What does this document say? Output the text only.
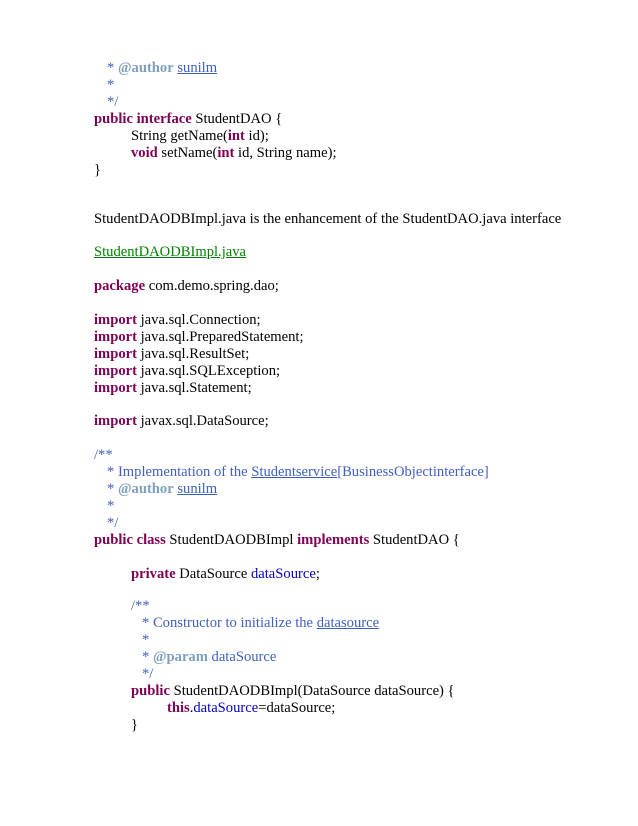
* @author sunilm
*
*/
public interface StudentDAO {
String getName(int id);
void setName(int id, String name);
}
StudentDAODBImpl.java is the enhancement of the StudentDAO.java interface
StudentDAODBImpl.java
package com.demo.spring.dao;
import java.sql.Connection;
import java.sql.PreparedStatement;
import java.sql.ResultSet;
import java.sql.SQLException;
import java.sql.Statement;
import javax.sql.DataSource;
/**
* Implementation of the Studentservice[BusinessObjectinterface]
* @author sunilm
*
*/
public class StudentDAODBImpl implements StudentDAO {
private DataSource dataSource;
/**
* Constructor to initialize the datasource
*
* @param dataSource
*/
public StudentDAODBImpl(DataSource dataSource) {
this.dataSource=dataSource;
}
